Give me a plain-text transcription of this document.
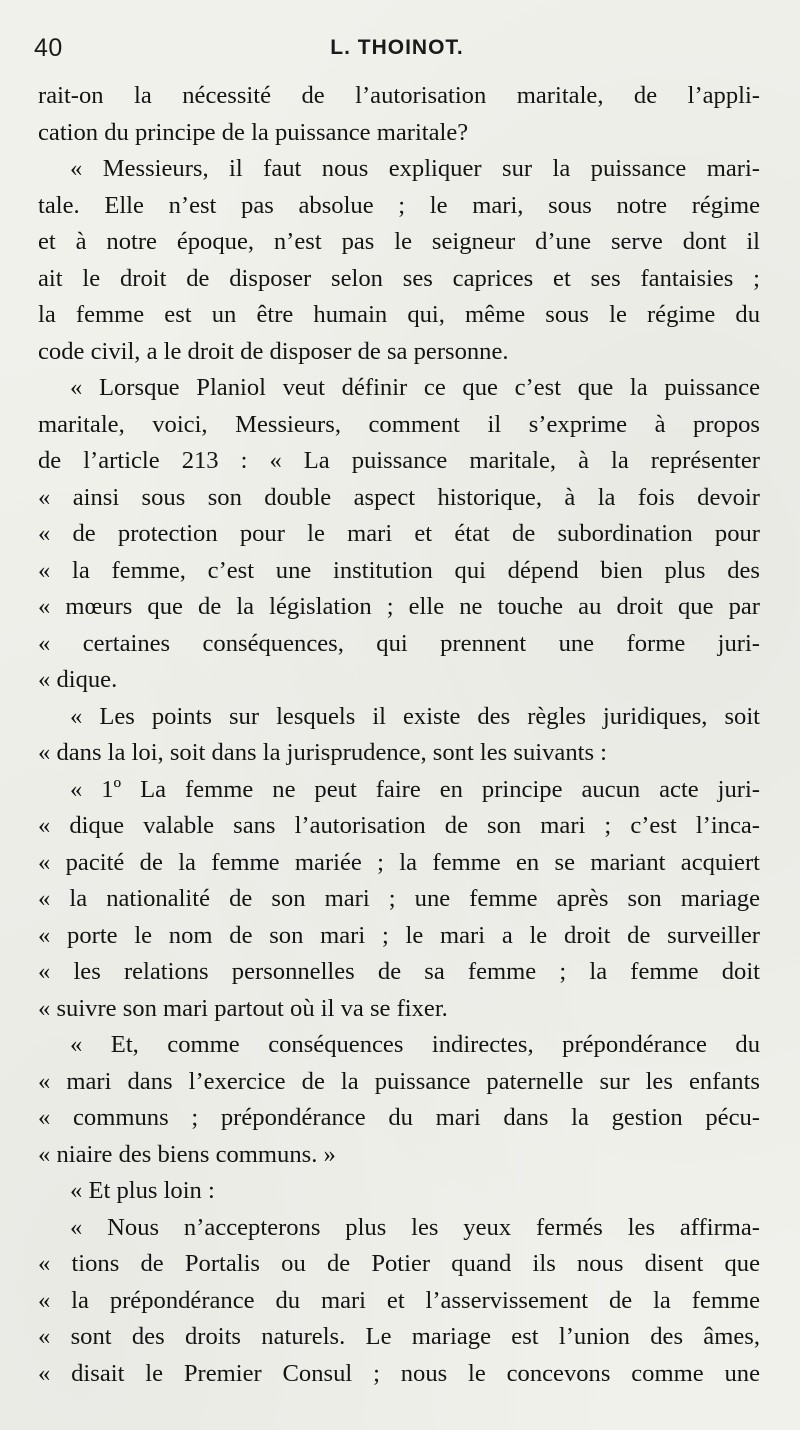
40	L. THOINOT.
rait-on la nécessité de l’autorisation maritale, de l’appli-
cation du principe de la puissance maritale?
« Messieurs, il faut nous expliquer sur la puissance mari-
tale. Elle n’est pas absolue ; le mari, sous notre régime
et à notre époque, n’est pas le seigneur d’une serve dont il
ait le droit de disposer selon ses caprices et ses fantaisies ;
la femme est un être humain qui, même sous le régime du
code civil, a le droit de disposer de sa personne.
« Lorsque Planiol veut définir ce que c’est que la puissance
maritale, voici, Messieurs, comment il s’exprime à propos
de l’article 213 : « La puissance maritale, à la représenter
« ainsi sous son double aspect historique, à la fois devoir
« de protection pour le mari et état de subordination pour
« la femme, c’est une institution qui dépend bien plus des
« mœurs que de la législation ; elle ne touche au droit que par
« certaines conséquences, qui prennent une forme juri-
« dique.
« Les points sur lesquels il existe des règles juridiques, soit
« dans la loi, soit dans la jurisprudence, sont les suivants :
« 1º La femme ne peut faire en principe aucun acte juri-
« dique valable sans l’autorisation de son mari ; c’est l’inca-
« pacité de la femme mariée ; la femme en se mariant acquiert
« la nationalité de son mari ; une femme après son mariage
« porte le nom de son mari ; le mari a le droit de surveiller
« les relations personnelles de sa femme ; la femme doit
« suivre son mari partout où il va se fixer.
« Et, comme conséquences indirectes, prépondérance du
« mari dans l’exercice de la puissance paternelle sur les enfants
« communs ; prépondérance du mari dans la gestion pécu-
« niaire des biens communs. »
« Et plus loin :
« Nous n’accepterons plus les yeux fermés les affirma-
« tions de Portalis ou de Potier quand ils nous disent que
« la prépondérance du mari et l’asservissement de la femme
« sont des droits naturels. Le mariage est l’union des âmes,
« disait le Premier Consul ; nous le concevons comme une
